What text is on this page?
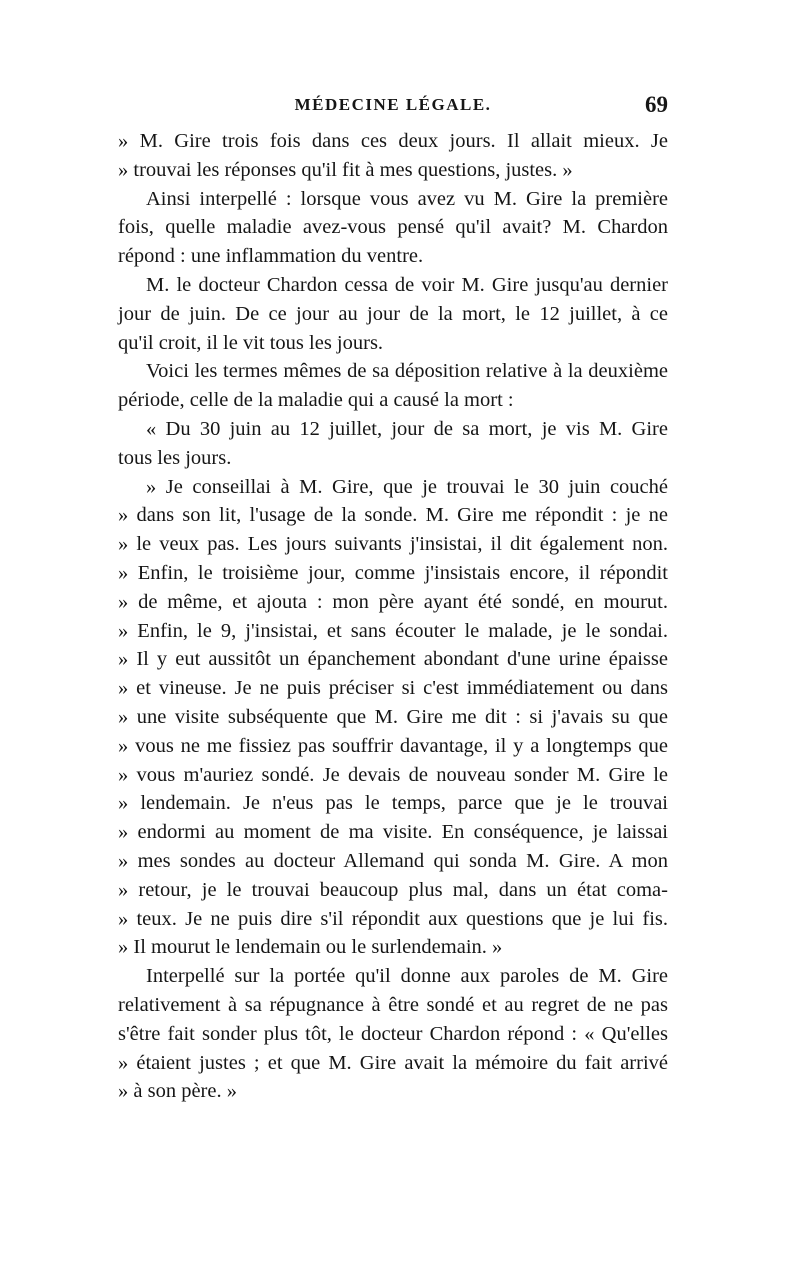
MÉDECINE LÉGALE.	69
» M. Gire trois fois dans ces deux jours. Il allait mieux. Je
» trouvai les réponses qu'il fit à mes questions, justes. »
Ainsi interpellé : lorsque vous avez vu M. Gire la première
fois, quelle maladie avez-vous pensé qu'il avait? M. Chardon
répond : une inflammation du ventre.
M. le docteur Chardon cessa de voir M. Gire jusqu'au dernier
jour de juin. De ce jour au jour de la mort, le 12 juillet, à ce
qu'il croit, il le vit tous les jours.
Voici les termes mêmes de sa déposition relative à la deuxième
période, celle de la maladie qui a causé la mort :
« Du 30 juin au 12 juillet, jour de sa mort, je vis M. Gire
tous les jours.
» Je conseillai à M. Gire, que je trouvai le 30 juin couché
» dans son lit, l'usage de la sonde. M. Gire me répondit : je ne
» le veux pas. Les jours suivants j'insistai, il dit également non.
» Enfin, le troisième jour, comme j'insistais encore, il répondit
» de même, et ajouta : mon père ayant été sondé, en mourut.
» Enfin, le 9, j'insistai, et sans écouter le malade, je le sondai.
» Il y eut aussitôt un épanchement abondant d'une urine épaisse
» et vineuse. Je ne puis préciser si c'est immédiatement ou dans
» une visite subséquente que M. Gire me dit : si j'avais su que
» vous ne me fissiez pas souffrir davantage, il y a longtemps que
» vous m'auriez sondé. Je devais de nouveau sonder M. Gire le
» lendemain. Je n'eus pas le temps, parce que je le trouvai
» endormi au moment de ma visite. En conséquence, je laissai
» mes sondes au docteur Allemand qui sonda M. Gire. A mon
» retour, je le trouvai beaucoup plus mal, dans un état coma-
» teux. Je ne puis dire s'il répondit aux questions que je lui fis.
» Il mourut le lendemain ou le surlendemain. »
Interpellé sur la portée qu'il donne aux paroles de M. Gire
relativement à sa répugnance à être sondé et au regret de ne pas
s'être fait sonder plus tôt, le docteur Chardon répond : « Qu'elles
» étaient justes ; et que M. Gire avait la mémoire du fait arrivé
» à son père. »
